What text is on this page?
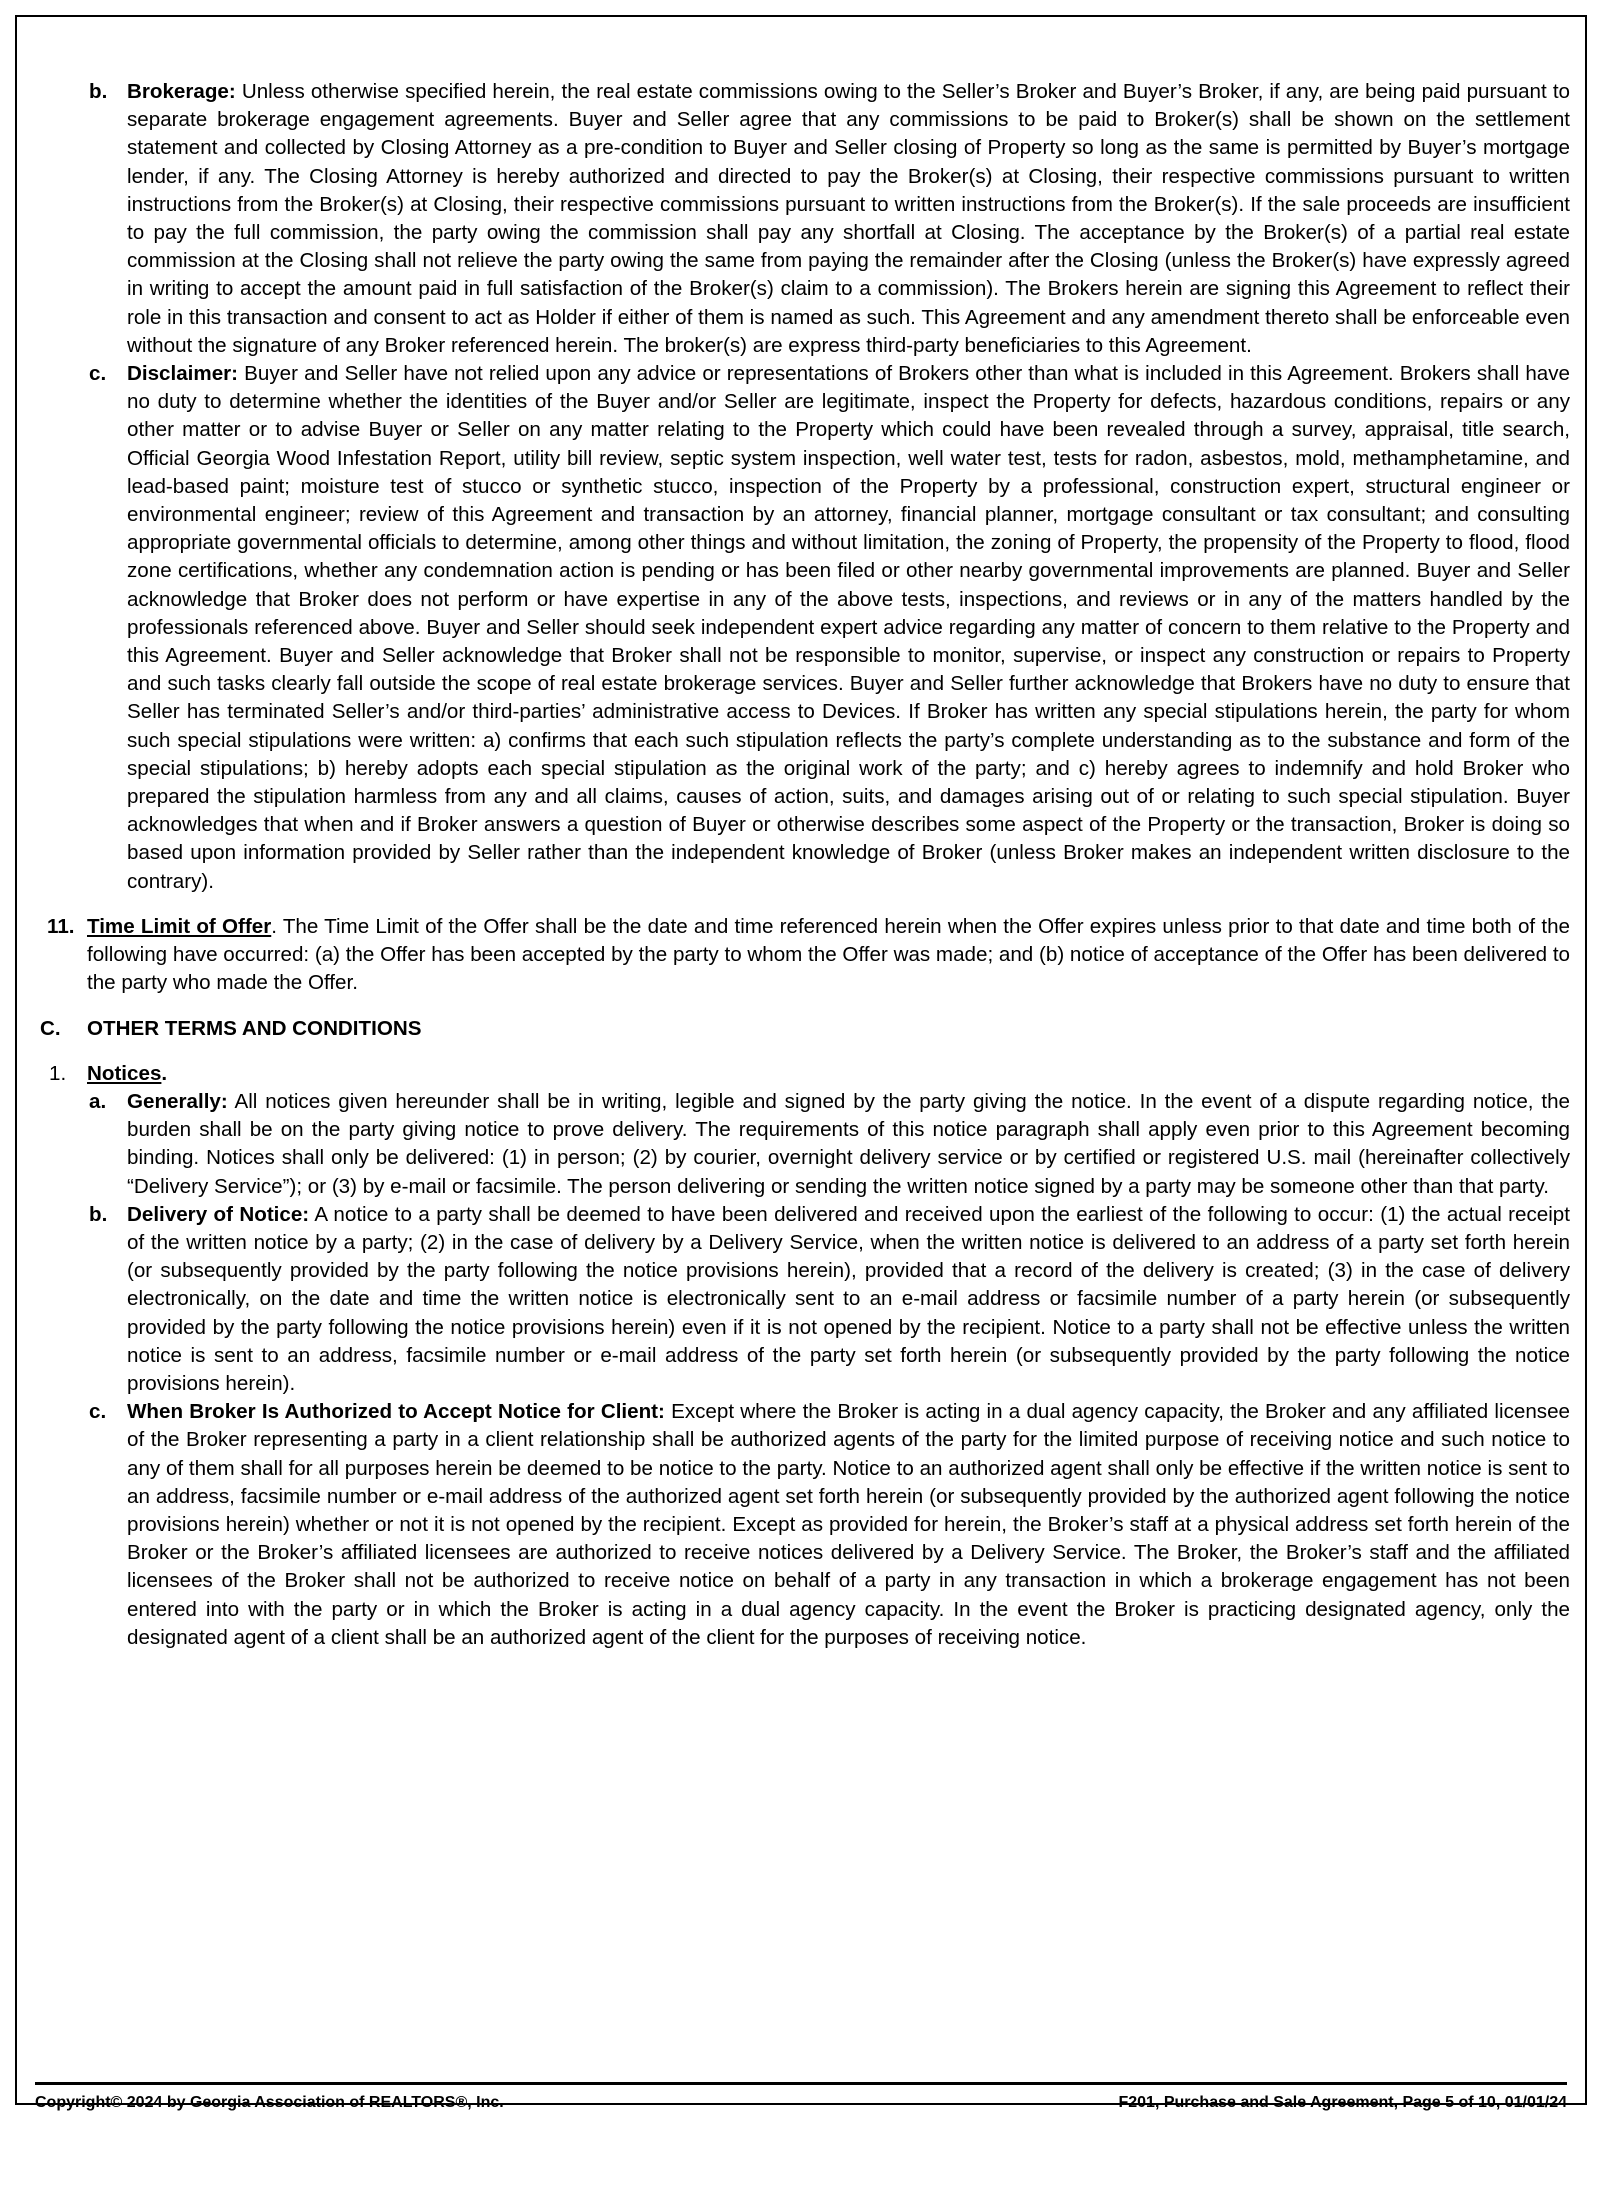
b. Brokerage: Unless otherwise specified herein, the real estate commissions owing to the Seller’s Broker and Buyer’s Broker, if any, are being paid pursuant to separate brokerage engagement agreements. Buyer and Seller agree that any commissions to be paid to Broker(s) shall be shown on the settlement statement and collected by Closing Attorney as a pre-condition to Buyer and Seller closing of Property so long as the same is permitted by Buyer’s mortgage lender, if any. The Closing Attorney is hereby authorized and directed to pay the Broker(s) at Closing, their respective commissions pursuant to written instructions from the Broker(s) at Closing, their respective commissions pursuant to written instructions from the Broker(s). If the sale proceeds are insufficient to pay the full commission, the party owing the commission shall pay any shortfall at Closing. The acceptance by the Broker(s) of a partial real estate commission at the Closing shall not relieve the party owing the same from paying the remainder after the Closing (unless the Broker(s) have expressly agreed in writing to accept the amount paid in full satisfaction of the Broker(s) claim to a commission). The Brokers herein are signing this Agreement to reflect their role in this transaction and consent to act as Holder if either of them is named as such. This Agreement and any amendment thereto shall be enforceable even without the signature of any Broker referenced herein. The broker(s) are express third-party beneficiaries to this Agreement.
c. Disclaimer: Buyer and Seller have not relied upon any advice or representations of Brokers other than what is included in this Agreement. Brokers shall have no duty to determine whether the identities of the Buyer and/or Seller are legitimate, inspect the Property for defects, hazardous conditions, repairs or any other matter or to advise Buyer or Seller on any matter relating to the Property which could have been revealed through a survey, appraisal, title search, Official Georgia Wood Infestation Report, utility bill review, septic system inspection, well water test, tests for radon, asbestos, mold, methamphetamine, and lead-based paint; moisture test of stucco or synthetic stucco, inspection of the Property by a professional, construction expert, structural engineer or environmental engineer; review of this Agreement and transaction by an attorney, financial planner, mortgage consultant or tax consultant; and consulting appropriate governmental officials to determine, among other things and without limitation, the zoning of Property, the propensity of the Property to flood, flood zone certifications, whether any condemnation action is pending or has been filed or other nearby governmental improvements are planned. Buyer and Seller acknowledge that Broker does not perform or have expertise in any of the above tests, inspections, and reviews or in any of the matters handled by the professionals referenced above. Buyer and Seller should seek independent expert advice regarding any matter of concern to them relative to the Property and this Agreement. Buyer and Seller acknowledge that Broker shall not be responsible to monitor, supervise, or inspect any construction or repairs to Property and such tasks clearly fall outside the scope of real estate brokerage services. Buyer and Seller further acknowledge that Brokers have no duty to ensure that Seller has terminated Seller’s and/or third-parties’ administrative access to Devices. If Broker has written any special stipulations herein, the party for whom such special stipulations were written: a) confirms that each such stipulation reflects the party’s complete understanding as to the substance and form of the special stipulations; b) hereby adopts each special stipulation as the original work of the party; and c) hereby agrees to indemnify and hold Broker who prepared the stipulation harmless from any and all claims, causes of action, suits, and damages arising out of or relating to such special stipulation. Buyer acknowledges that when and if Broker answers a question of Buyer or otherwise describes some aspect of the Property or the transaction, Broker is doing so based upon information provided by Seller rather than the independent knowledge of Broker (unless Broker makes an independent written disclosure to the contrary).
11. Time Limit of Offer. The Time Limit of the Offer shall be the date and time referenced herein when the Offer expires unless prior to that date and time both of the following have occurred: (a) the Offer has been accepted by the party to whom the Offer was made; and (b) notice of acceptance of the Offer has been delivered to the party who made the Offer.
C. OTHER TERMS AND CONDITIONS
1. Notices.
a. Generally: All notices given hereunder shall be in writing, legible and signed by the party giving the notice. In the event of a dispute regarding notice, the burden shall be on the party giving notice to prove delivery. The requirements of this notice paragraph shall apply even prior to this Agreement becoming binding. Notices shall only be delivered: (1) in person; (2) by courier, overnight delivery service or by certified or registered U.S. mail (hereinafter collectively “Delivery Service”); or (3) by e-mail or facsimile. The person delivering or sending the written notice signed by a party may be someone other than that party.
b. Delivery of Notice: A notice to a party shall be deemed to have been delivered and received upon the earliest of the following to occur: (1) the actual receipt of the written notice by a party; (2) in the case of delivery by a Delivery Service, when the written notice is delivered to an address of a party set forth herein (or subsequently provided by the party following the notice provisions herein), provided that a record of the delivery is created; (3) in the case of delivery electronically, on the date and time the written notice is electronically sent to an e-mail address or facsimile number of a party herein (or subsequently provided by the party following the notice provisions herein) even if it is not opened by the recipient. Notice to a party shall not be effective unless the written notice is sent to an address, facsimile number or e-mail address of the party set forth herein (or subsequently provided by the party following the notice provisions herein).
c. When Broker Is Authorized to Accept Notice for Client: Except where the Broker is acting in a dual agency capacity, the Broker and any affiliated licensee of the Broker representing a party in a client relationship shall be authorized agents of the party for the limited purpose of receiving notice and such notice to any of them shall for all purposes herein be deemed to be notice to the party. Notice to an authorized agent shall only be effective if the written notice is sent to an address, facsimile number or e-mail address of the authorized agent set forth herein (or subsequently provided by the authorized agent following the notice provisions herein) whether or not it is not opened by the recipient. Except as provided for herein, the Broker’s staff at a physical address set forth herein of the Broker or the Broker’s affiliated licensees are authorized to receive notices delivered by a Delivery Service. The Broker, the Broker’s staff and the affiliated licensees of the Broker shall not be authorized to receive notice on behalf of a party in any transaction in which a brokerage engagement has not been entered into with the party or in which the Broker is acting in a dual agency capacity. In the event the Broker is practicing designated agency, only the designated agent of a client shall be an authorized agent of the client for the purposes of receiving notice.
Copyright© 2024 by Georgia Association of REALTORS®, Inc.	F201, Purchase and Sale Agreement, Page 5 of 10, 01/01/24
